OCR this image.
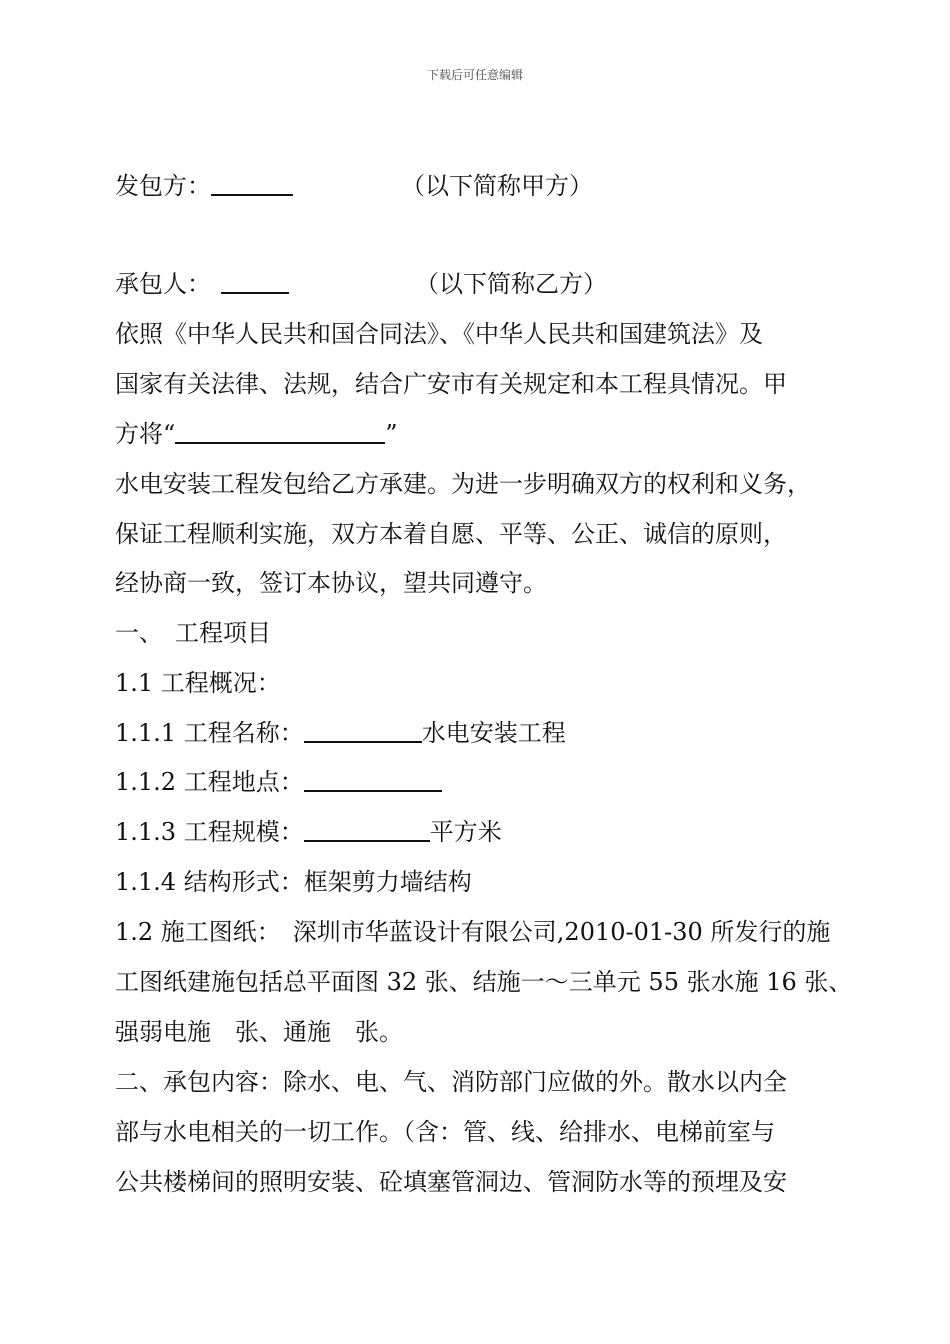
下载后可任意编辑
发包方：	（以下简称甲方）
承包人：	（以下简称乙方）
依照《中华人民共和国合同法》、《中华人民共和国建筑法》及
国家有关法律、法规，结合广安市有关规定和本工程具情况。甲
方将“	”
水电安装工程发包给乙方承建。为进一步明确双方的权利和义务，
保证工程顺利实施，双方本着自愿、平等、公正、诚信的原则，
经协商一致，签订本协议，望共同遵守。
一、　工程项目
1.1 工程概况：
1.1.1 工程名称：	水电安装工程
1.1.2 工程地点：
1.1.3 工程规模：	平方米
1.1.4 结构形式：框架剪力墙结构
1.2 施工图纸：　深圳市华蓝设计有限公司,2010-01-30 所发行的施
工图纸建施包括总平面图 32 张、结施一～三单元 55 张水施 16 张、
强弱电施　张、通施　张。
二、承包内容：除水、电、气、消防部门应做的外。散水以内全
部与水电相关的一切工作。（含：管、线、给排水、电梯前室与
公共楼梯间的照明安装、砼填塞管洞边、管洞防水等的预埋及安
